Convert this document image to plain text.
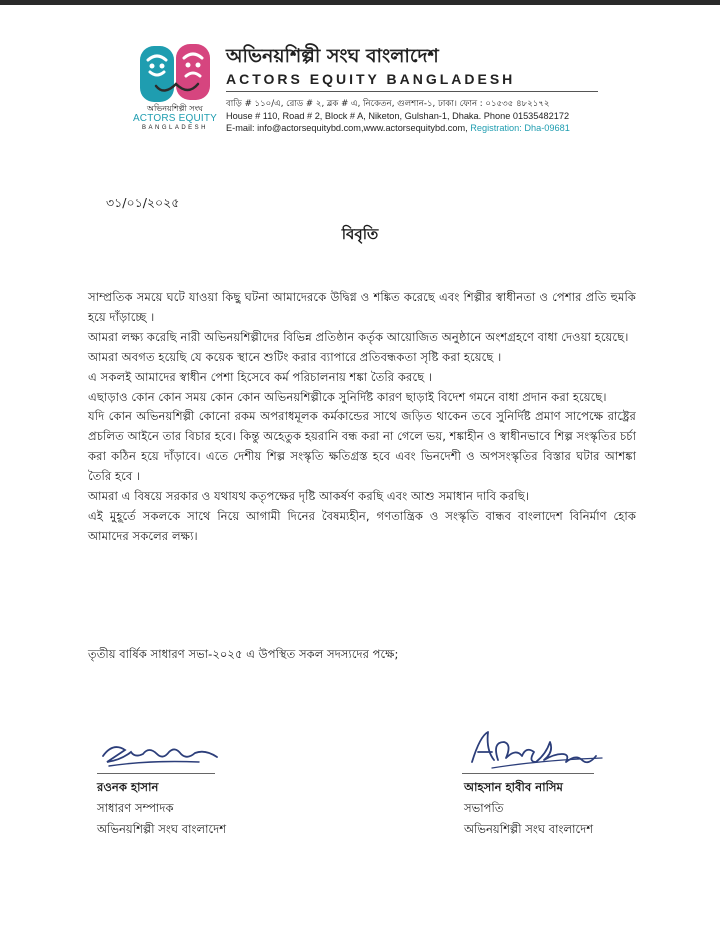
অভিনয়শিল্পী সংঘ
ACTORS EQUITY
BANGLADESH
অভিনয়শিল্পী সংঘ বাংলাদেশ
ACTORS EQUITY BANGLADESH
বাড়ি # ১১০/এ, রোড # ২, ব্লক # এ, নিকেতন, গুলশান-১, ঢাকা। ফোন : ০১৫৩৫ ৪৮২১৭২
House # 110, Road # 2, Block # A, Niketon, Gulshan-1, Dhaka. Phone 01535482172
E-mail: info@actorsequitybd.com,www.actorsequitybd.com, Registration: Dha-09681
৩১/০১/২০২৫
বিবৃতি

সাম্প্রতিক সময়ে ঘটে যাওয়া কিছু ঘটনা আমাদেরকে উদ্বিগ্ন ও শঙ্কিত করেছে এবং শিল্পীর স্বাধীনতা ও পেশার প্রতি হুমকি হয়ে দাঁড়াচ্ছে ।

আমরা লক্ষ্য করেছি নারী অভিনয়শিল্পীদের বিভিন্ন প্রতিষ্ঠান কর্তৃক আয়োজিত অনুষ্ঠানে অংশগ্রহণে বাধা দেওয়া হয়েছে।

আমরা অবগত হয়েছি যে কয়েক স্থানে শুটিং করার ব্যাপারে প্রতিবন্ধকতা সৃষ্টি করা হয়েছে ।

এ সকলই আমাদের স্বাধীন পেশা হিসেবে কর্ম পরিচালনায় শঙ্কা তৈরি করছে ।

এছাড়াও কোন কোন সময় কোন কোন অভিনয়শিল্পীকে সুনির্দিষ্ট কারণ ছাড়াই বিদেশ গমনে বাধা প্রদান করা হয়েছে।

যদি কোন অভিনয়শিল্পী কোনো রকম অপরাধমূলক কর্মকান্ডের সাথে জড়িত থাকেন তবে সুনির্দিষ্ট প্রমাণ সাপেক্ষে রাষ্ট্রের প্রচলিত আইনে তার বিচার হবে। কিন্তু অহেতুক হয়রানি বন্ধ করা না গেলে ভয়, শঙ্কাহীন ও স্বাধীনভাবে শিল্প সংস্কৃতির চর্চা করা কঠিন হয়ে দাঁড়াবে। এতে দেশীয় শিল্প সংস্কৃতি ক্ষতিগ্রস্ত হবে এবং ভিনদেশী ও অপসংস্কৃতির বিস্তার ঘটার আশঙ্কা তৈরি হবে ।

আমরা এ বিষয়ে সরকার ও যথাযথ কতৃপক্ষের দৃষ্টি আকর্ষণ করছি এবং আশু সমাধান দাবি করছি।

এই মুহূর্তে সকলকে সাথে নিয়ে আগামী দিনের বৈষম্যহীন, গণতান্ত্রিক ও সংস্কৃতি বান্ধব বাংলাদেশ বিনির্মাণ হোক আমাদের সকলের লক্ষ্য।

তৃতীয় বার্ষিক সাধারণ সভা-২০২৫ এ উপস্থিত সকল সদস্যদের পক্ষে;
রওনক হাসান
সাধারণ সম্পাদক
অভিনয়শিল্পী সংঘ বাংলাদেশ
আহসান হাবীব নাসিম
সভাপতি
অভিনয়শিল্পী সংঘ বাংলাদেশ
